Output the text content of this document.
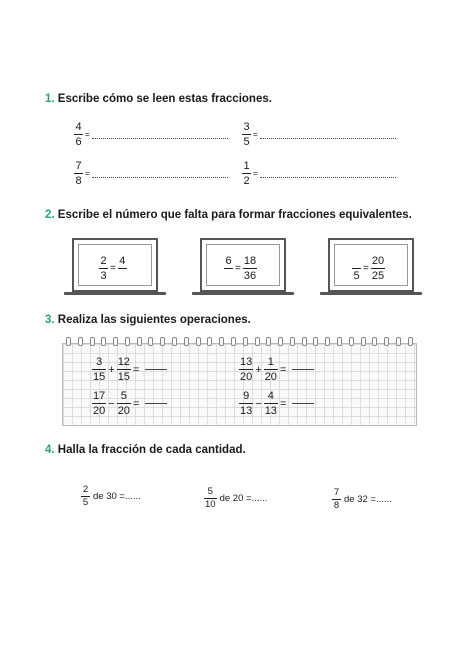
1. Escribe cómo se leen estas fracciones.
$\frac{4}{6}$ =	$\frac{3}{5}$ =
$\frac{7}{8}$ =	$\frac{1}{2}$ =
2. Escribe el número que falta para formar fracciones equivalentes.
$\frac{2}{3}$ =
4	6
= $\frac{18}{36}$	5
= $\frac{20}{25}$
3. Realiza las siguientes operaciones.
$\frac{3}{15} + \frac{12}{15}$ =	$\frac{13}{20} + \frac{1}{20}$ =
$\frac{17}{20} - \frac{5}{20}$ =	$\frac{9}{13} - \frac{4}{13}$ =
4. Halla la fracción de cada cantidad.
$\frac{2}{5}$ de 30 =......	$\frac{5}{10}$ de 20 =......	$\frac{7}{8}$ de 32 =......
